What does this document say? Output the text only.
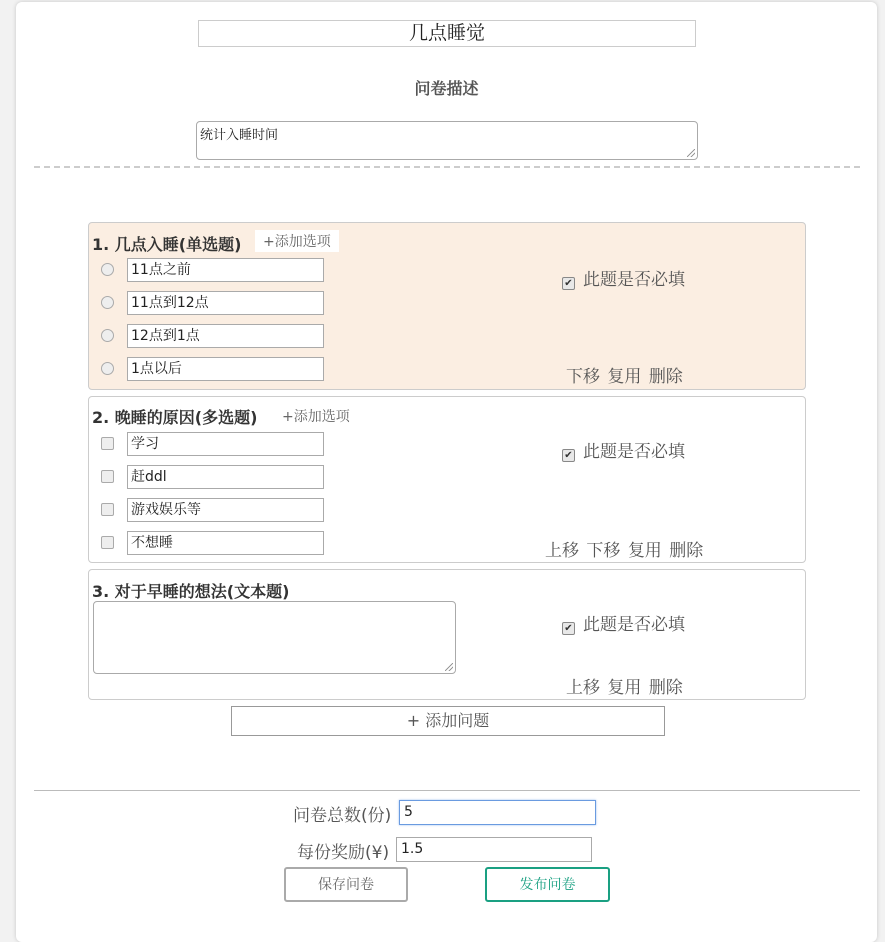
几点睡觉
问卷描述
统计入睡时间
1. 几点入睡(单选题)	+添加选项
11点之前
11点到12点
12点到1点
1点以后
✔ 此题是否必填
下移 复用 删除
2. 晚睡的原因(多选题)	+添加选项
学习
赶ddl
游戏娱乐等
不想睡
✔ 此题是否必填
上移 下移 复用 删除
3. 对于早睡的想法(文本题)
✔ 此题是否必填
上移 复用 删除
+ 添加问题
问卷总数(份) 5
每份奖励(¥) 1.5
保存问卷	发布问卷
